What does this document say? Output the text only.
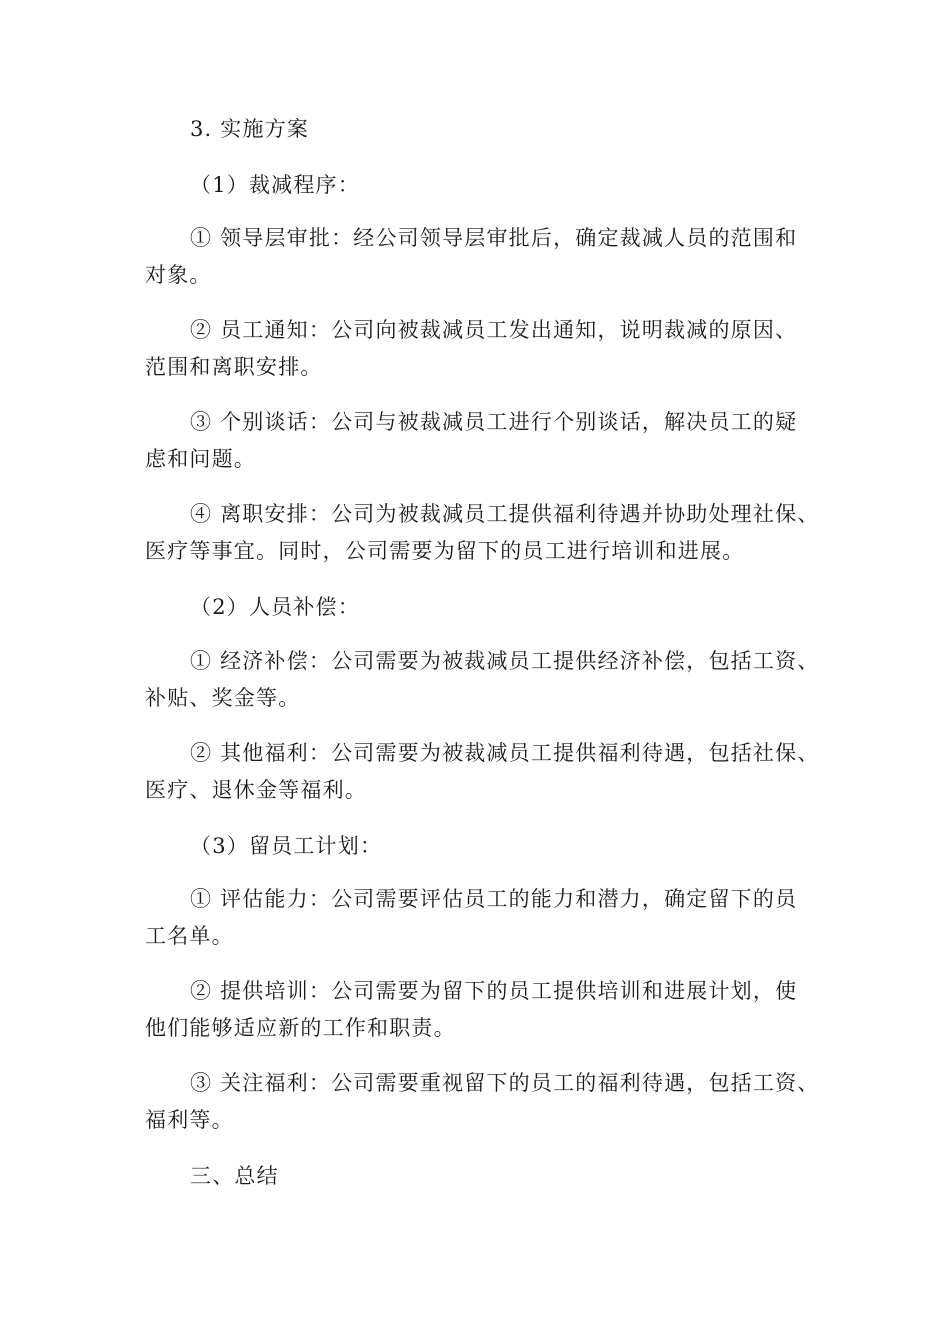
3. 实施方案
（1）裁减程序：
① 领导层审批：经公司领导层审批后，确定裁减人员的范围和
对象。
② 员工通知：公司向被裁减员工发出通知，说明裁减的原因、
范围和离职安排。
③ 个别谈话：公司与被裁减员工进行个别谈话，解决员工的疑
虑和问题。
④ 离职安排：公司为被裁减员工提供福利待遇并协助处理社保、
医疗等事宜。同时，公司需要为留下的员工进行培训和进展。
（2）人员补偿：
① 经济补偿：公司需要为被裁减员工提供经济补偿，包括工资、
补贴、奖金等。
② 其他福利：公司需要为被裁减员工提供福利待遇，包括社保、
医疗、退休金等福利。
（3）留员工计划：
① 评估能力：公司需要评估员工的能力和潜力，确定留下的员
工名单。
② 提供培训：公司需要为留下的员工提供培训和进展计划，使
他们能够适应新的工作和职责。
③ 关注福利：公司需要重视留下的员工的福利待遇，包括工资、
福利等。
三、总结
